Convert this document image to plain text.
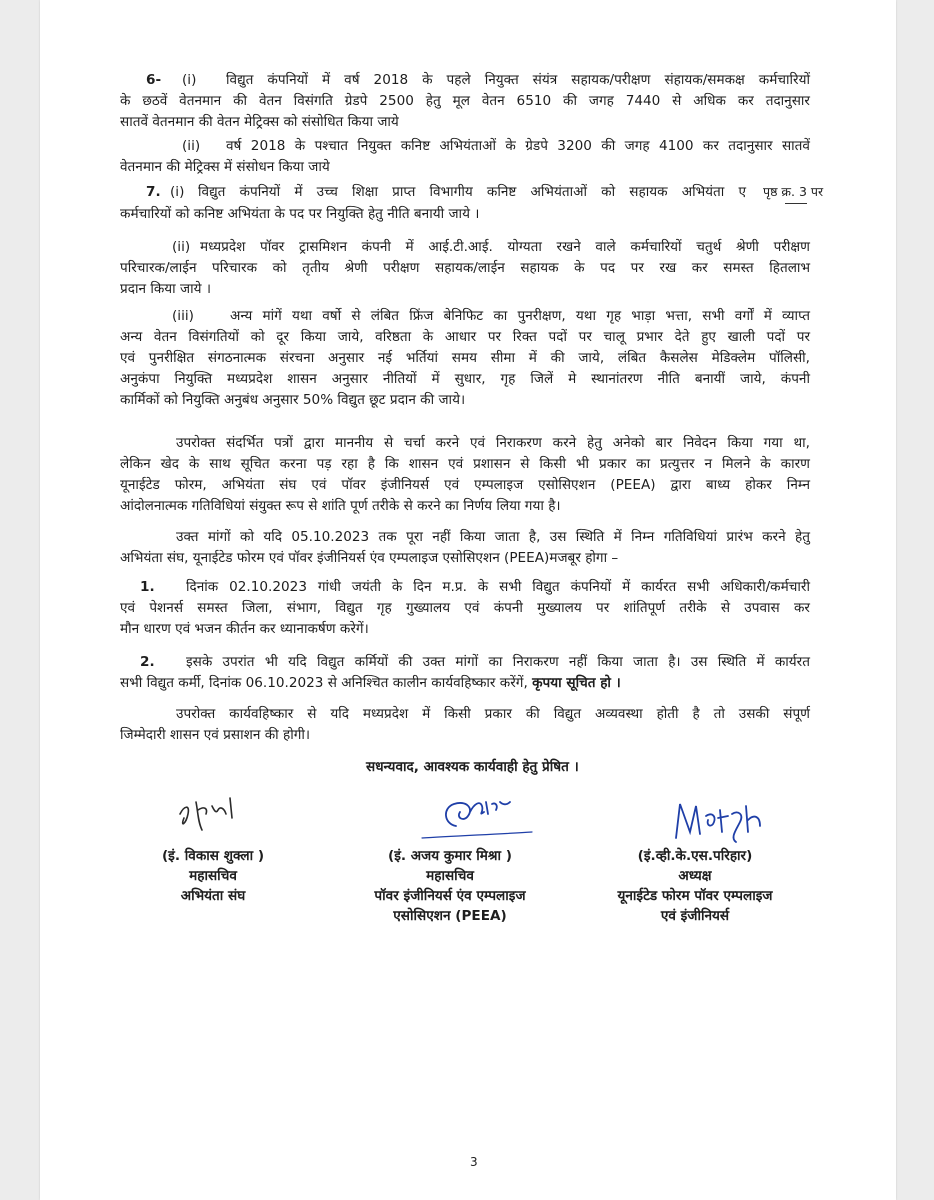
6- (i) विद्युत कंपनियों में वर्ष 2018 के पहले नियुक्त संयंत्र सहायक/परीक्षण संहायक/समकक्ष कर्मचारियों
के छठवें वेतनमान की वेतन विसंगति ग्रेडपे 2500 हेतु मूल वेतन 6510 की जगह 7440 से अधिक कर तदानुसार
सातवें वेतनमान की वेतन मेट्रिक्स को संसोधित किया जाये
(ii) वर्ष 2018 के पश्चात नियुक्त कनिष्ट अभियंताओं के ग्रेडपे 3200 की जगह 4100 कर तदानुसार सातवें
वेतनमान की मेट्रिक्स में संसोधन किया जाये
7. (i) विद्युत कंपनियों में उच्च शिक्षा प्राप्त विभागीय कनिष्ट अभियंताओं को सहायक अभियंता ए
कर्मचारियों को कनिष्ट अभियंता के पद पर नियुक्ति हेतु नीति बनायी जाये ।
पृष्ठ क्र. 3 पर
(ii) मध्यप्रदेश पॉवर ट्रासमिशन कंपनी में आई.टी.आई. योग्यता रखने वाले कर्मचारियों चतुर्थ श्रेणी परीक्षण
परिचारक/लाईन परिचारक को तृतीय श्रेणी परीक्षण सहायक/लाईन सहायक के पद पर रख कर समस्त हितलाभ
प्रदान किया जाये ।
(iii)	अन्य मांगें यथा वर्षो से लंबित फ्रिंज बेनिफिट का पुनरीक्षण, यथा गृह भाड़ा भत्ता, सभी वर्गों में व्याप्त
अन्य वेतन विसंगतियों को दूर किया जाये, वरिष्ठता के आधार पर रिक्त पदों पर चालू प्रभार देते हुए खाली पदों पर
एवं पुनरीक्षित संगठनात्मक संरचना अनुसार नई भर्तियां समय सीमा में की जाये, लंबित कैसलेस मेडिक्लेम पॉलिसी,
अनुकंपा नियुक्ति मध्यप्रदेश शासन अनुसार नीतियों में सुधार, गृह जिलें मे स्थानांतरण नीति बनायीं जाये, कंपनी
कार्मिकों को नियुक्ति अनुबंध अनुसार 50% विद्युत छूट प्रदान की जाये।
उपरोक्त संदर्भित पत्रों द्वारा माननीय से चर्चा करने एवं निराकरण करने हेतु अनेको बार निवेदन किया गया था,
लेकिन खेद के साथ सूचित करना पड़ रहा है कि शासन एवं प्रशासन से किसी भी प्रकार का प्रत्युत्तर न मिलने के कारण
यूनाईटेड फोरम, अभियंता संघ एवं पॉवर इंजीनियर्स एवं एम्पलाइज एसोसिएशन (PEEA) द्वारा बाध्य होकर निम्न
आंदोलनात्मक गतिविधियां संयुक्त रूप से शांति पूर्ण तरीके से करने का निर्णय लिया गया है।
उक्त मांगों को यदि 05.10.2023 तक पूरा नहीं किया जाता है, उस स्थिति में निम्न गतिविधियां प्रारंभ करने हेतु
अभियंता संघ, यूनाईटेड फोरम एवं पॉवर इंजीनियर्स एंव एम्पलाइज एसोसिएशन (PEEA)मजबूर होगा –
1. दिनांक 02.10.2023 गांधी जयंती के दिन म.प्र. के सभी विद्युत कंपनियों में कार्यरत सभी अधिकारी/कर्मचारी
एवं पेशनर्स समस्त जिला, संभाग, विद्युत गृह गुख्यालय एवं कंपनी मुख्यालय पर शांतिपूर्ण तरीके से उपवास कर
मौन धारण एवं भजन कीर्तन कर ध्यानाकर्षण करेगें।
2. इसके उपरांत भी यदि विद्युत कर्मियों की उक्त मांगों का निराकरण नहीं किया जाता है। उस स्थिति में कार्यरत
सभी विद्युत कर्मी, दिनांक 06.10.2023 से अनिश्चित कालीन कार्यवहिष्कार करेंगें, कृपया सूचित हो ।
उपरोक्त कार्यवहिष्कार से यदि मध्यप्रदेश में किसी प्रकार की विद्युत अव्यवस्था होती है तो उसकी संपूर्ण
जिम्मेदारी शासन एवं प्रसाशन की होगी।
सधन्यवाद, आवश्यक कार्यवाही हेतु प्रेषित ।
(इं. विकास शुक्ला )
महासचिव
अभियंता संघ
(इं. अजय कुमार मिश्रा )
महासचिव
पॉवर इंजीनियर्स एंव एम्पलाइज
एसोसिएशन (PEEA)
(इं.व्ही.के.एस.परिहार)
अध्यक्ष
यूनाईटेड फोरम पॉवर एम्पलाइज
एवं इंजीनियर्स
3
